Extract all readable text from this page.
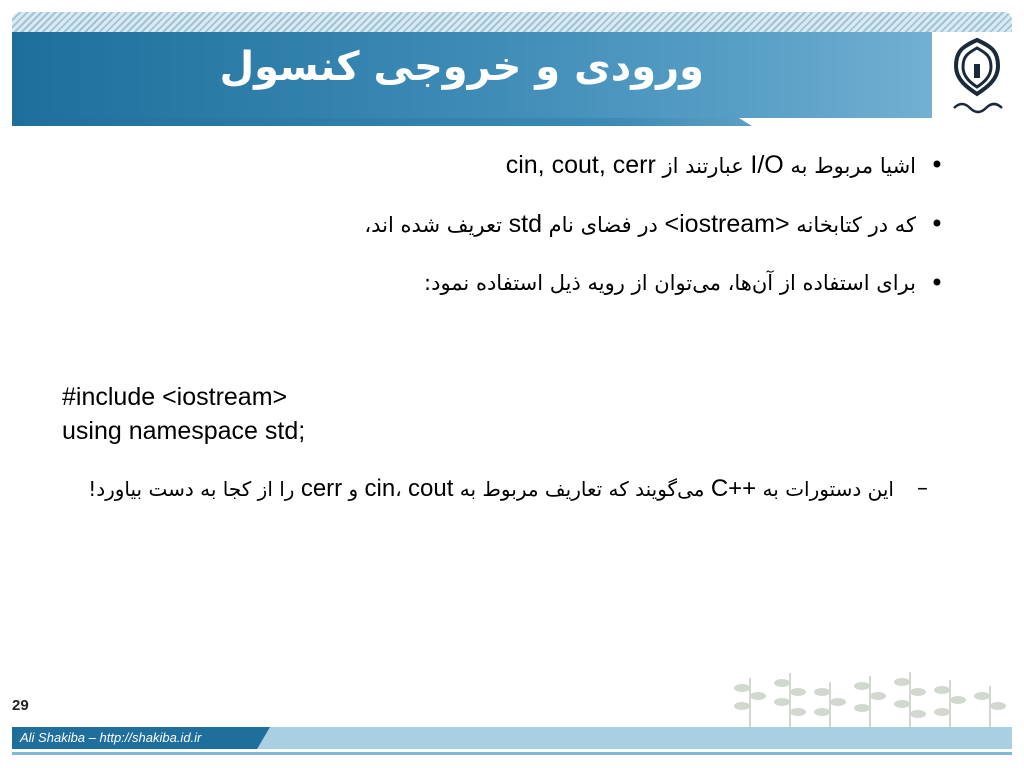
ورودی و خروجی کنسول

• اشیا مربوط به I/O عبارتند از cin, cout, cerr

• که در کتابخانه <iostream> در فضای نام std تعریف شده اند،

• برای استفاده از آن‌ها، می‌توان از رویه ذیل استفاده نمود:

#include <iostream>
using namespace std;

– این دستورات به C++ می‌گویند که تعاریف مربوط به cin، cout و cerr را از کجا به دست بیاورد!

29
Ali Shakiba – http://shakiba.id.ir
